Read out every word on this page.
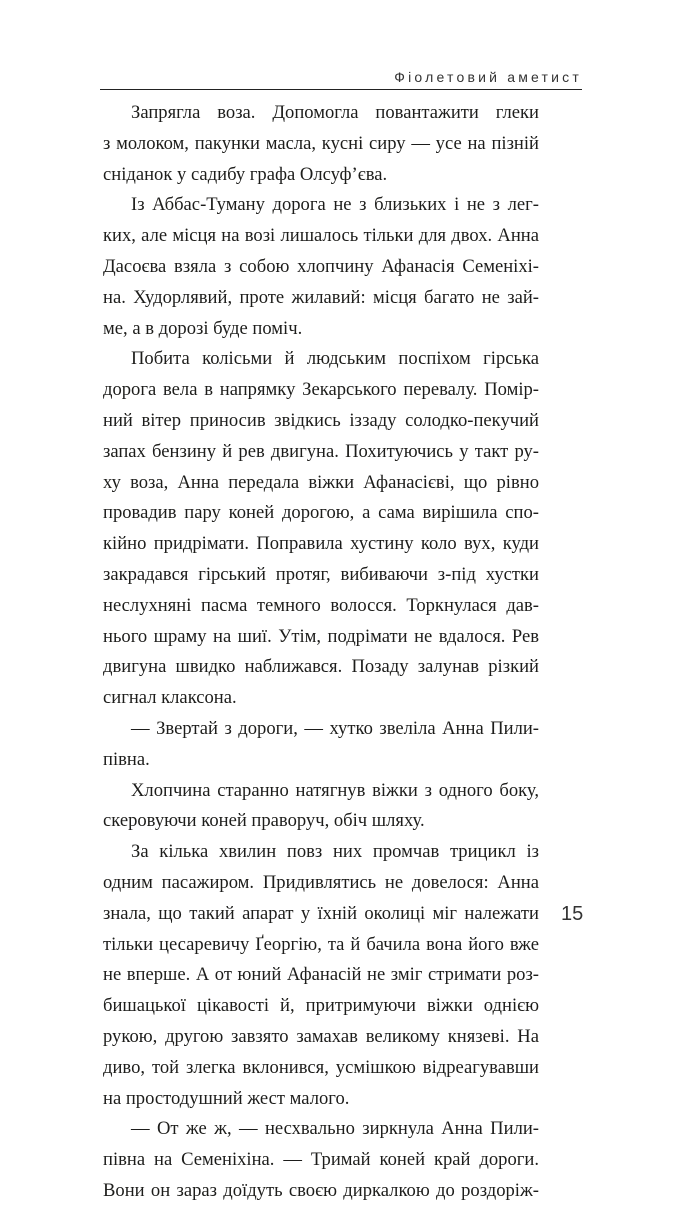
Фіолетовий аметист
Запрягла воза. Допомогла повантажити глеки
з молоком, пакунки масла, кусні сиру — усе на пізній
сніданок у садибу графа Олсуф’єва.
Із Аббас-Туману дорога не з близьких і не з лег-
ких, але місця на возі лишалось тільки для двох. Анна
Дасоєва взяла з собою хлопчину Афанасія Семеніхі-
на. Худорлявий, проте жилавий: місця багато не зай-
ме, а в дорозі буде поміч.
Побита колісьми й людським поспіхом гірська
дорога вела в напрямку Зекарського перевалу. Помір-
ний вітер приносив звідкись іззаду солодко-пекучий
запах бензину й рев двигуна. Похитуючись у такт ру-
ху воза, Анна передала віжки Афанасієві, що рівно
провадив пару коней дорогою, а сама вирішила спо-
кійно придрімати. Поправила хустину коло вух, куди
закрадався гірський протяг, вибиваючи з-під хустки
неслухняні пасма темного волосся. Торкнулася дав-
нього шраму на шиї. Утім, подрімати не вдалося. Рев
двигуна швидко наближався. Позаду залунав різкий
сигнал клаксона.
— Звертай з дороги, — хутко звеліла Анна Пили-
півна.
Хлопчина старанно натягнув віжки з одного боку,
скеровуючи коней праворуч, обіч шляху.
За кілька хвилин повз них промчав трицикл із
одним пасажиром. Придивлятись не довелося: Анна
знала, що такий апарат у їхній околиці міг належати
тільки цесаревичу Ґеоргію, та й бачила вона його вже
не вперше. А от юний Афанасій не зміг стримати роз-
бишацької цікавості й, притримуючи віжки однією
рукою, другою завзято замахав великому князеві. На
диво, той злегка вклонився, усмішкою відреагувавши
на простодушний жест малого.
— От же ж, — несхвально зиркнула Анна Пили-
півна на Семеніхіна. — Тримай коней край дороги.
Вони он зараз доїдуть своєю диркалкою до роздоріж-
15
